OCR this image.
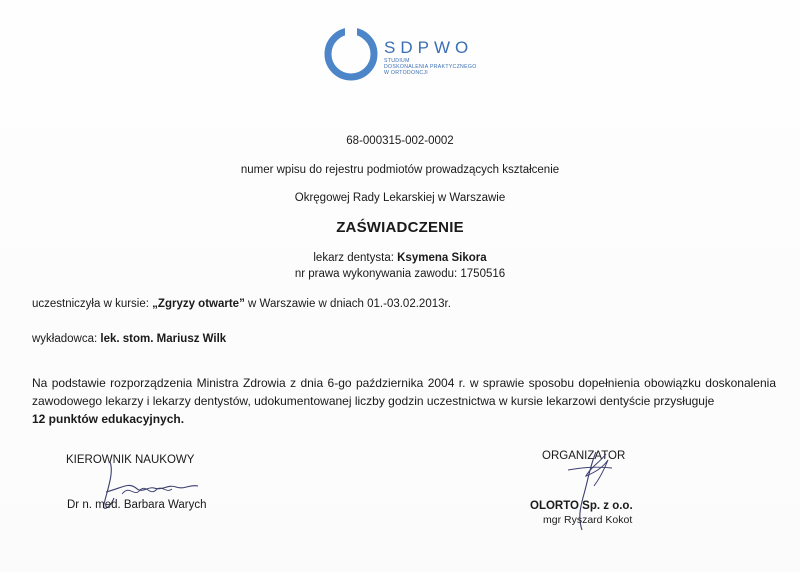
SDPWO
STUDIUM
DOSKONALENIA PRAKTYCZNEGO
W ORTODONCJI
68-000315-002-0002
numer wpisu do rejestru podmiotów prowadzących kształcenie
Okręgowej Rady Lekarskiej w Warszawie
ZAŚWIADCZENIE
lekarz dentysta: Ksymena Sikora
nr prawa wykonywania zawodu: 1750516
uczestniczyła w kursie: „Zgryzy otwarte” w Warszawie w dniach 01.-03.02.2013r.
wykładowca: lek. stom. Mariusz Wilk
Na podstawie rozporządzenia Ministra Zdrowia z dnia 6-go października 2004 r. w sprawie sposobu dopełnienia obowiązku doskonalenia zawodowego lekarzy i lekarzy dentystów, udokumentowanej liczby godzin uczestnictwa w kursie lekarzowi dentyście przysługuje
12 punktów edukacyjnych.
KIEROWNIK NAUKOWY
Dr n. med. Barbara Warych
ORGANIZATOR
OLORTO Sp. z o.o.
mgr Ryszard Kokot
